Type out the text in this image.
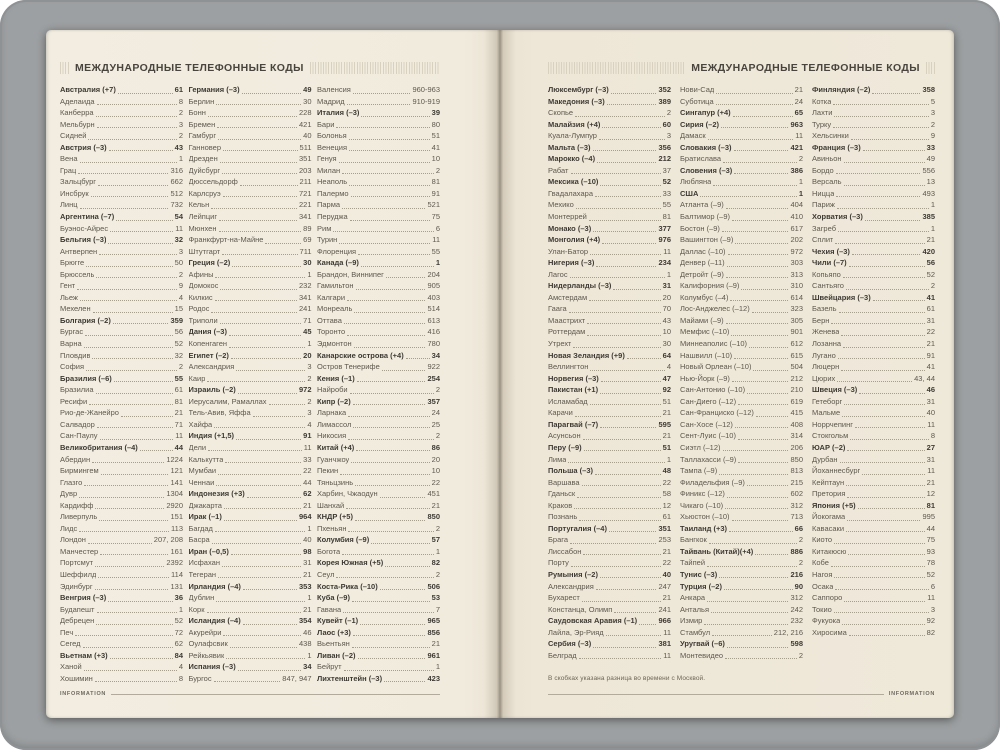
МЕЖДУНАРОДНЫЕ ТЕЛЕФОННЫЕ КОДЫ
Австралия (+7)	61
Аделаида	8
Канберра	2
Мельбурн	3
Сидней	2
Австрия (–3)	43
Вена	1
Грац	316
Зальцбург	662
Инсбрук	512
Линц	732
Аргентина (–7)	54
Буэнос-Айрес	11
Бельгия (–3)	32
Антверпен	3
Брюгге	50
Брюссель	2
Гент	9
Льеж	4
Мехелен	15
Болгария (–2)	359
Бургас	56
Варна	52
Пловдив	32
София	2
Бразилия (–6)	55
Бразилиа	61
Ресифи	81
Рио-де-Жанейро	21
Салвадор	71
Сан-Паулу	11
Великобритания (–4)	44
Абердин	1224
Бирмингем	121
Глазго	141
Дувр	1304
Кардифф	2920
Ливерпуль	151
Лидс	113
Лондон	207, 208
Манчестер	161
Портсмут	2392
Шеффилд	114
Эдинбург	131
Венгрия (–3)	36
Будапешт	1
Дебрецен	52
Печ	72
Сегед	62
Вьетнам (+3)	84
Ханой	4
Хошимин	8
Германия (–3)	49
Берлин	30
Бонн	228
Бремен	421
Гамбург	40
Ганновер	511
Дрезден	351
Дуйсбург	203
Дюссельдорф	211
Карлсруэ	721
Кельн	221
Лейпциг	341
Мюнхен	89
Франкфурт-на-Майне	69
Штутгарт	711
Греция (–2)	30
Афины	1
Домокос	232
Килкис	341
Родос	241
Триполи	71
Дания (–3)	45
Копенгаген	1
Египет (–2)	20
Александрия	3
Каир	2
Израиль (–2)	972
Иерусалим, Рамаллах	2
Тель-Авив, Яффа	3
Хайфа	4
Индия (+1,5)	91
Дели	11
Калькутта	33
Мумбаи	22
Ченнаи	44
Индонезия (+3)	62
Джакарта	21
Ирак (–1)	964
Багдад	1
Басра	40
Иран (–0,5)	98
Исфахан	31
Тегеран	21
Ирландия (–4)	353
Дублин	1
Корк	21
Исландия (–4)	354
Акурейри	46
Оулафсвик	438
Рейкьявик	1
Испания (–3)	34
Бургос	847, 947
Валенсия	960-963
Мадрид	910-919
Италия (–3)	39
Бари	80
Болонья	51
Венеция	41
Генуя	10
Милан	2
Неаполь	81
Палермо	91
Парма	521
Перуджа	75
Рим	6
Турин	11
Флоренция	55
Канада (–9)	1
Брандон, Виннипег	204
Гамильтон	905
Калгари	403
Монреаль	514
Оттава	613
Торонто	416
Эдмонтон	780
Канарские острова (+4)	34
Остров Тенерифе	922
Кения (–1)	254
Найроби	2
Кипр (–2)	357
Ларнака	24
Лимассол	25
Никосия	2
Китай (+4)	86
Гуанчжоу	20
Пекин	10
Тяньцзинь	22
Харбин, Чжаодун	451
Шанхай	21
КНДР (+5)	850
Пхеньян	2
Колумбия (–9)	57
Богота	1
Корея Южная (+5)	82
Сеул	2
Коста-Рика (–10)	506
Куба (–9)	53
Гавана	7
Кувейт (–1)	965
Лаос (+3)	856
Вьентьян	21
Ливан (–2)	961
Бейрут	1
Лихтенштейн (–3)	423
INFORMATION
МЕЖДУНАРОДНЫЕ ТЕЛЕФОННЫЕ КОДЫ
Люксембург (–3)	352
Македония (–3)	389
Скопье	2
Малайзия (+4)	60
Куала-Лумпур	3
Мальта (–3)	356
Марокко (–4)	212
Рабат	37
Мексика (–10)	52
Гвадалахара	33
Мехико	55
Монтеррей	81
Монако (–3)	377
Монголия (+4)	976
Улан-Батор	11
Нигерия (–3)	234
Лагос	1
Нидерланды (–3)	31
Амстердам	20
Гаага	70
Маастрихт	43
Роттердам	10
Утрехт	30
Новая Зеландия (+9)	64
Веллингтон	4
Норвегия (–3)	47
Пакистан (+1)	92
Исламабад	51
Карачи	21
Парагвай (–7)	595
Асунсьон	21
Перу (–9)	51
Лима	1
Польша (–3)	48
Варшава	22
Гданьск	58
Краков	12
Познань	61
Португалия (–4)	351
Брага	253
Лиссабон	21
Порту	22
Румыния (–2)	40
Александрия	247
Бухарест	21
Констанца, Олимп	241
Саудовская Аравия (–1)	966
Лайла, Эр-Рияд	11
Сербия (–3)	381
Белград	11
Нови-Сад	21
Суботица	24
Сингапур (+4)	65
Сирия (–2)	963
Дамаск	11
Словакия (–3)	421
Братислава	2
Словения (–3)	386
Любляна	1
США	1
Атланта (–9)	404
Балтимор (–9)	410
Бостон (–9)	617
Вашингтон (–9)	202
Даллас (–10)	972
Денвер (–11)	303
Детройт (–9)	313
Калифорния (–9)	310
Колумбус (–4)	614
Лос-Анджелес (–12)	323
Майами (–9)	305
Мемфис (–10)	901
Миннеаполис (–10)	612
Нашвилл (–10)	615
Новый Орлеан (–10)	504
Нью-Йорк (–9)	212
Сан-Антонио (–10)	210
Сан-Диего (–12)	619
Сан-Франциско (–12)	415
Сан-Хосе (–12)	408
Сент-Луис (–10)	314
Сиэтл (–12)	206
Таллахасси (–9)	850
Тампа (–9)	813
Филадельфия (–9)	215
Финикс (–12)	602
Чикаго (–10)	312
Хьюстон (–10)	713
Таиланд (+3)	66
Бангкок	2
Тайвань (Китай)(+4)	886
Тайпей	2
Тунис (–3)	216
Турция (–2)	90
Анкара	312
Анталья	242
Измир	232
Стамбул	212, 216
Уругвай (–6)	598
Монтевидео	2
Финляндия (–2)	358
Котка	5
Лахти	3
Турку	2
Хельсинки	9
Франция (–3)	33
Авиньон	49
Бордо	556
Версаль	13
Ницца	493
Париж	1
Хорватия (–3)	385
Загреб	1
Сплит	21
Чехия (–3)	420
Чили (–7)	56
Копьяпо	52
Сантьяго	2
Швейцария (–3)	41
Базель	61
Берн	31
Женева	22
Лозанна	21
Лугано	91
Люцерн	41
Цюрих	43, 44
Швеция (–3)	46
Гетеборг	31
Мальме	40
Норрчепинг	11
Стокгольм	8
ЮАР (–2)	27
Дурбан	31
Йоханнесбург	11
Кейптаун	21
Претория	12
Япония (+5)	81
Йокогама	995
Кавасаки	44
Киото	75
Китакюсю	93
Кобе	78
Нагоя	52
Осака	6
Саппоро	11
Токио	3
Фукуока	92
Хиросима	82
В скобках указана разница во времени с Москвой.
INFORMATION
